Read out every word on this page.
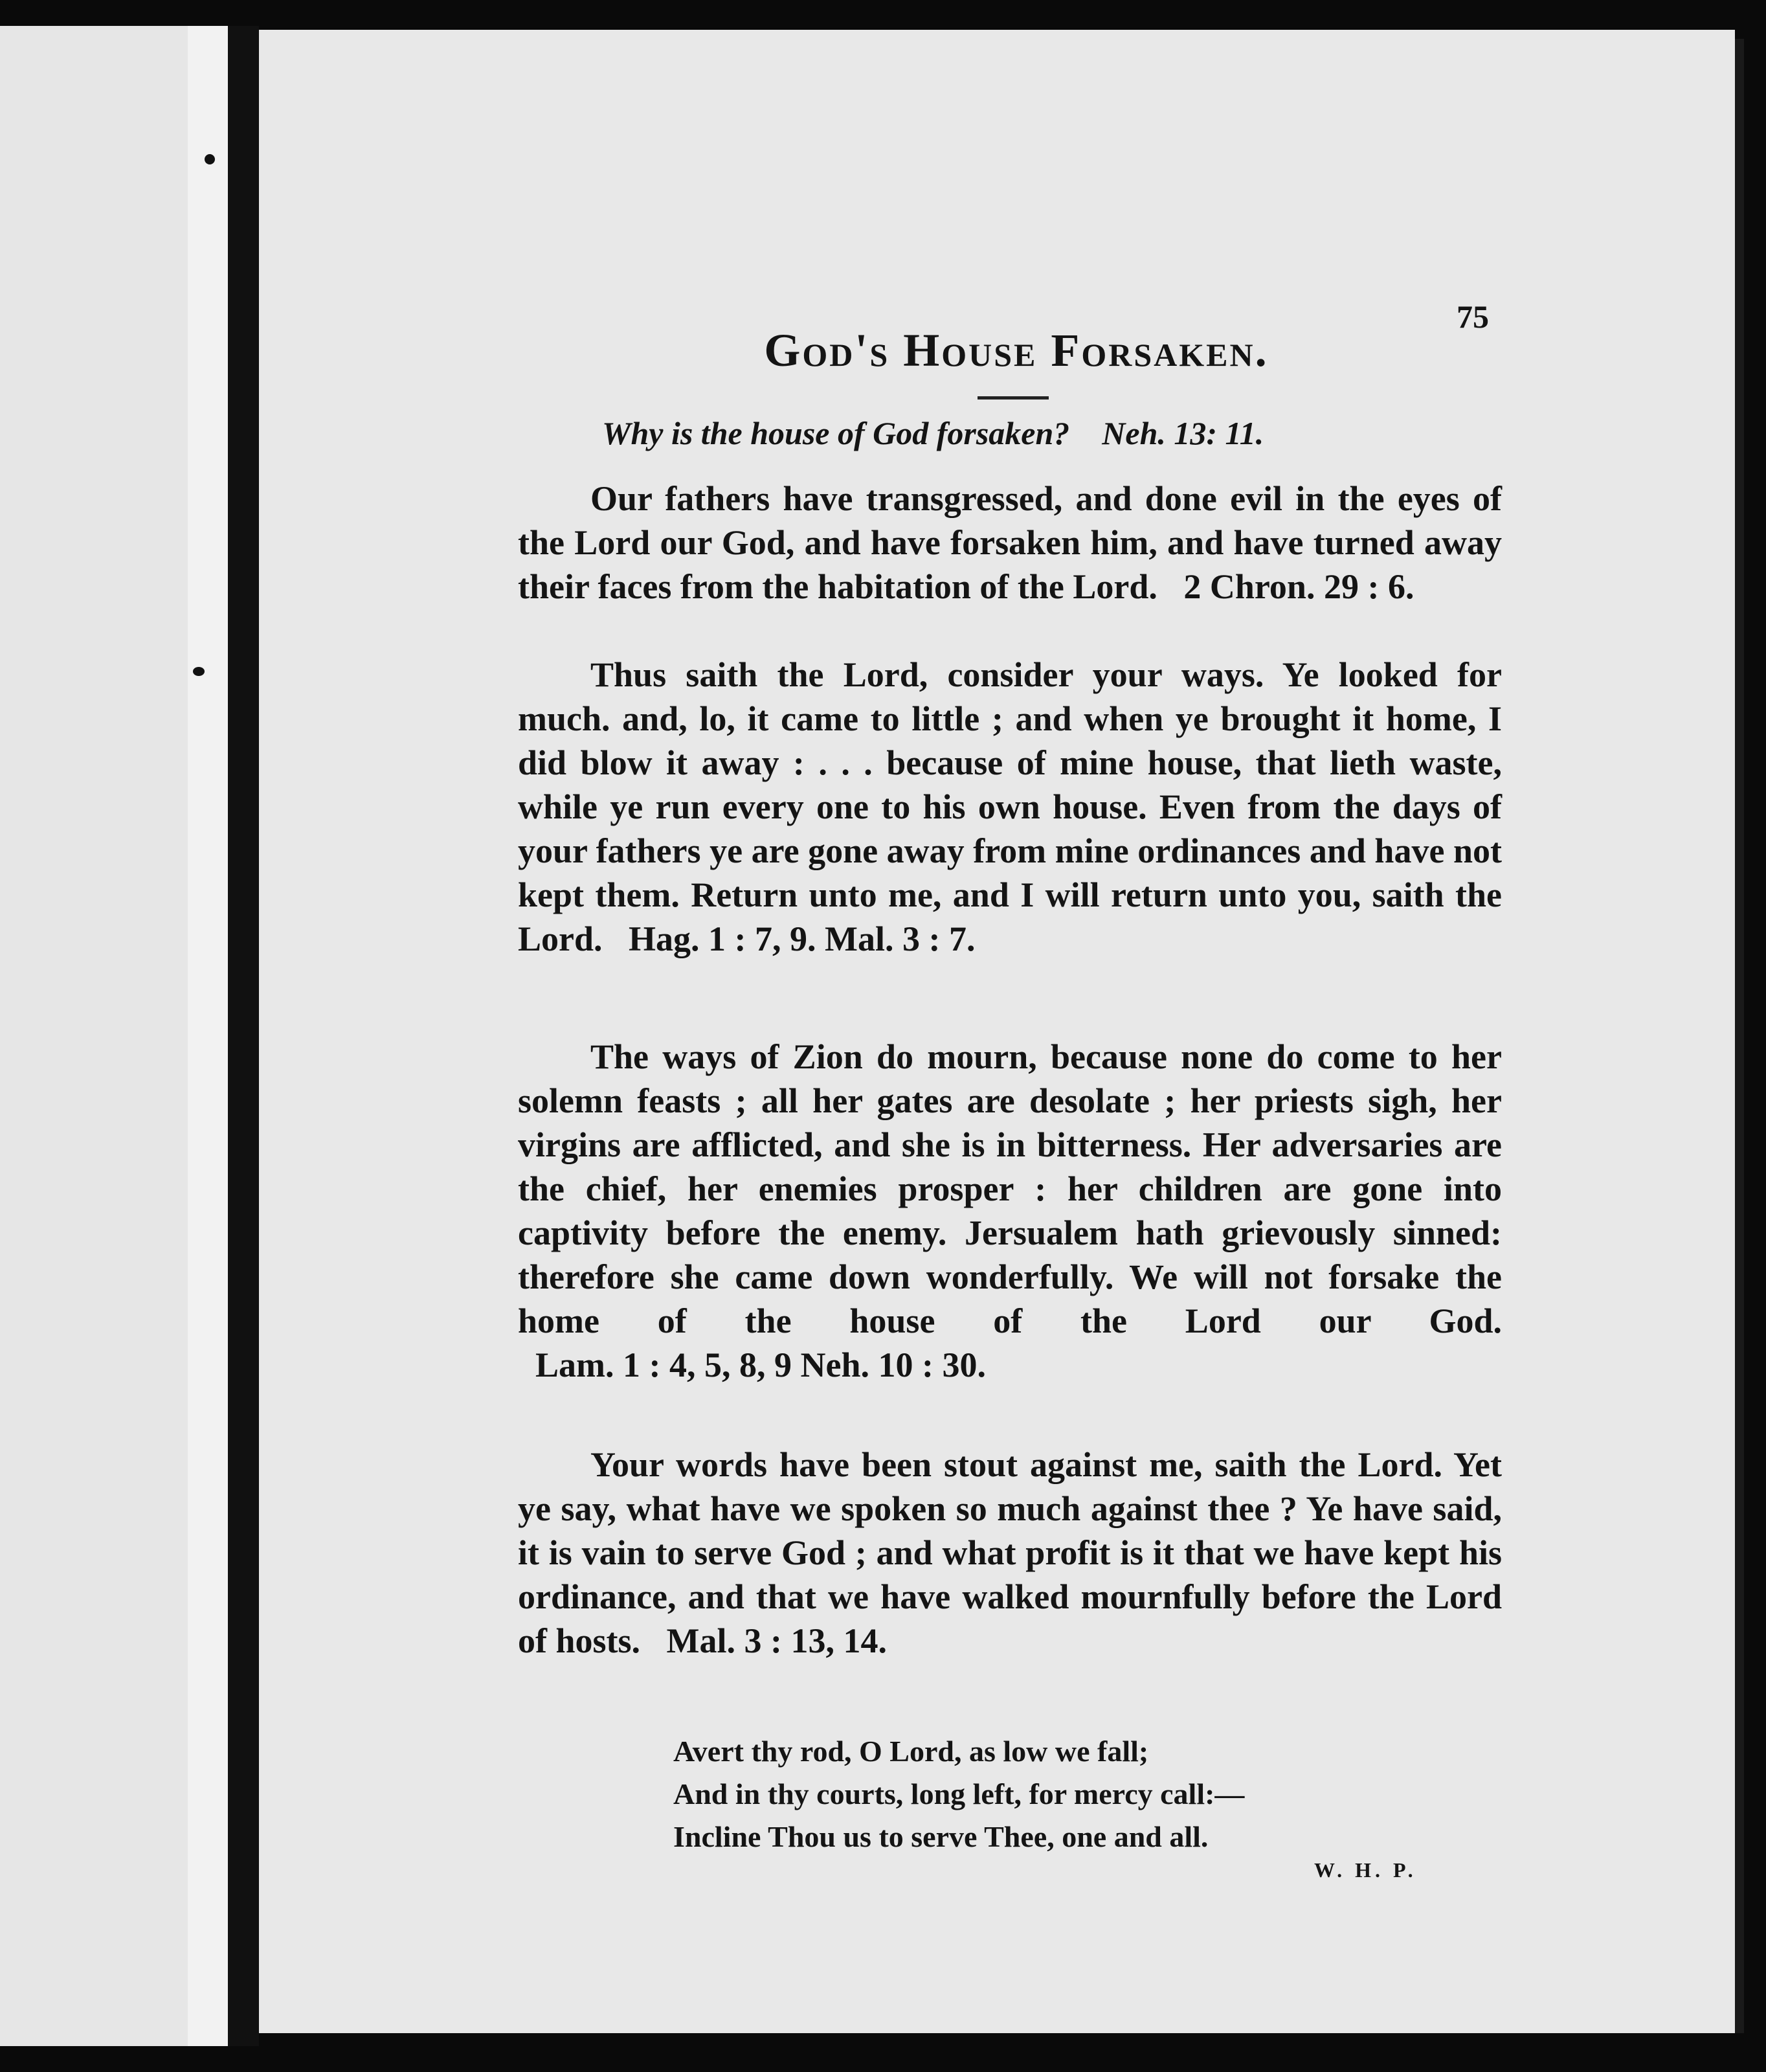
75
God's House Forsaken.
Why is the house of God forsaken? Neh. 13: 11.
Our fathers have transgressed, and done evil in the eyes of the Lord our God, and have forsaken him, and have turned away their faces from the habitation of the Lord. 2 Chron. 29 : 6.
Thus saith the Lord, consider your ways. Ye looked for much. and, lo, it came to little ; and when ye brought it home, I did blow it away : . . . because of mine house, that lieth waste, while ye run every one to his own house. Even from the days of your fathers ye are gone away from mine ordinances and have not kept them. Return unto me, and I will return unto you, saith the Lord. Hag. 1 : 7, 9. Mal. 3 : 7.
The ways of Zion do mourn, because none do come to her solemn feasts ; all her gates are desolate ; her priests sigh, her virgins are afflicted, and she is in bitterness. Her adversaries are the chief, her enemies prosper : her children are gone into captivity before the enemy. Jersualem hath grievously sinned: therefore she came down wonderfully. We will not forsake the home of the house of the Lord our God.   Lam. 1 : 4, 5, 8, 9 Neh. 10 : 30.
Your words have been stout against me, saith the Lord. Yet ye say, what have we spoken so much against thee ? Ye have said, it is vain to serve God ; and what profit is it that we have kept his ordinance, and that we have walked mournfully before the Lord of hosts. Mal. 3 : 13, 14.
Avert thy rod, O Lord, as low we fall;
And in thy courts, long left, for mercy call:—
Incline Thou us to serve Thee, one and all.
W. H. P.
